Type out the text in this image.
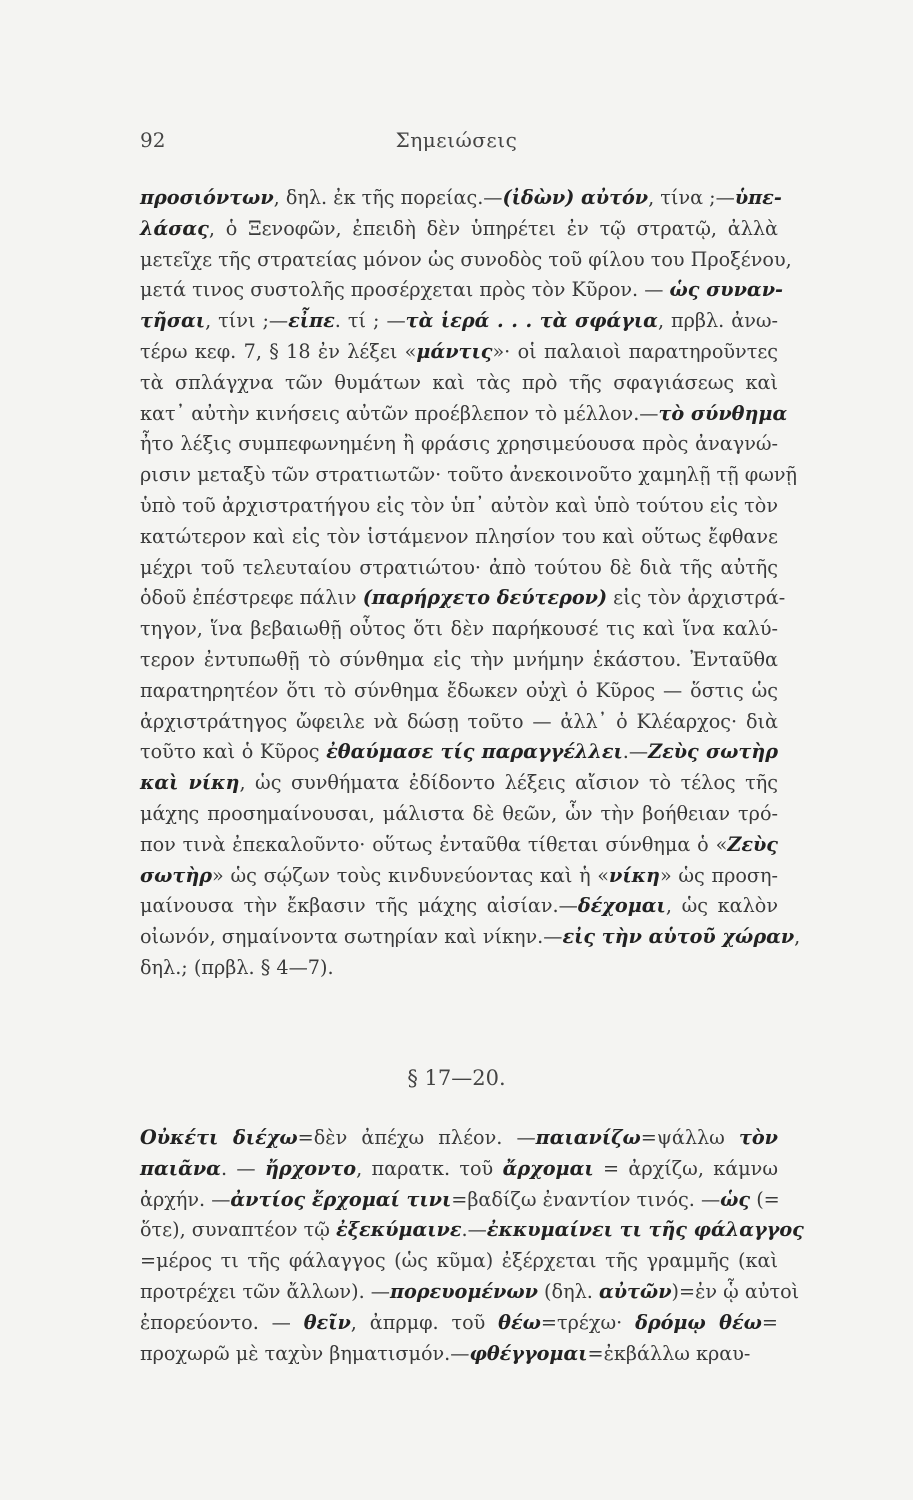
Σημειώσεις
92
προσιόντων, δηλ. ἐκ τῆς πορείας.—(ἰδὼν) αὐτόν, τίνα ;—ὑπε-
λάσας, ὁ Ξενοφῶν, ἐπειδὴ δὲν ὑπηρέτει ἐν τῷ στρατῷ, ἀλλὰ
μετεῖχε τῆς στρατείας μόνον ὡς συνοδὸς τοῦ φίλου του Προξένου,
μετά τινος συστολῆς προσέρχεται πρὸς τὸν Κῦρον. — ὡς συναν-
τῆσαι, τίνι ;—εἶπε. τί ; —τὰ ἱερά . . . τὰ σφάγια, πρβλ. ἀνω-
τέρω κεφ. 7, § 18 ἐν λέξει «μάντις»· οἱ παλαιοὶ παρατηροῦντες
τὰ σπλάγχνα τῶν θυμάτων καὶ τὰς πρὸ τῆς σφαγιάσεως καὶ
κατ᾽ αὐτὴν κινήσεις αὐτῶν προέβλεπον τὸ μέλλον.—τὸ σύνθημα
ἦτο λέξις συμπεφωνημένη ἢ φράσις χρησιμεύουσα πρὸς ἀναγνώ-
ρισιν μεταξὺ τῶν στρατιωτῶν· τοῦτο ἀνεκοινοῦτο χαμηλῇ τῇ φωνῇ
ὑπὸ τοῦ ἀρχιστρατήγου εἰς τὸν ὑπ᾽ αὐτὸν καὶ ὑπὸ τούτου εἰς τὸν
κατώτερον καὶ εἰς τὸν ἱστάμενον πλησίον του καὶ οὕτως ἔφθανε
μέχρι τοῦ τελευταίου στρατιώτου· ἀπὸ τούτου δὲ διὰ τῆς αὐτῆς
ὁδοῦ ἐπέστρεφε πάλιν (παρήρχετο δεύτερον) εἰς τὸν ἀρχιστρά-
τηγον, ἵνα βεβαιωθῇ οὗτος ὅτι δὲν παρήκουσέ τις καὶ ἵνα καλύ-
τερον ἐντυπωθῇ τὸ σύνθημα εἰς τὴν μνήμην ἑκάστου. Ἐνταῦθα
παρατηρητέον ὅτι τὸ σύνθημα ἔδωκεν οὐχὶ ὁ Κῦρος — ὅστις ὡς
ἀρχιστράτηγος ὤφειλε νὰ δώσῃ τοῦτο — ἀλλ᾽ ὁ Κλέαρχος· διὰ
τοῦτο καὶ ὁ Κῦρος ἐθαύμασε τίς παραγγέλλει.—Ζεὺς σωτὴρ
καὶ νίκη, ὡς συνθήματα ἐδίδοντο λέξεις αἴσιον τὸ τέλος τῆς
μάχης προσημαίνουσαι, μάλιστα δὲ θεῶν, ὧν τὴν βοήθειαν τρό-
πον τινὰ ἐπεκαλοῦντο· οὕτως ἐνταῦθα τίθεται σύνθημα ὁ «Ζεὺς
σωτὴρ» ὡς σῴζων τοὺς κινδυνεύοντας καὶ ἡ «νίκη» ὡς προση-
μαίνουσα τὴν ἔκβασιν τῆς μάχης αἰσίαν.—δέχομαι, ὡς καλὸν
οἰωνόν, σημαίνοντα σωτηρίαν καὶ νίκην.—εἰς τὴν αὑτοῦ χώραν,
δηλ.; (πρβλ. § 4—7).
§ 17—20.
Οὐκέτι διέχω=δὲν ἀπέχω πλέον. —παιανίζω=ψάλλω τὸν
παιᾶνα. — ἤρχοντο, παρατκ. τοῦ ἄρχομαι = ἀρχίζω, κάμνω
ἀρχήν. —ἀντίος ἔρχομαί τινι=βαδίζω ἐναντίον τινός. —ὡς (=
ὅτε), συναπτέον τῷ ἐξεκύμαινε.—ἐκκυμαίνει τι τῆς φάλαγγος
=μέρος τι τῆς φάλαγγος (ὡς κῦμα) ἐξέρχεται τῆς γραμμῆς (καὶ
προτρέχει τῶν ἄλλων). —πορευομένων (δηλ. αὐτῶν)=ἐν ᾧ αὐτοὶ
ἐπορεύοντο. — θεῖν, ἀπρμφ. τοῦ θέω=τρέχω· δρόμῳ θέω=
προχωρῶ μὲ ταχὺν βηματισμόν.—φθέγγομαι=ἐκβάλλω κραυ-
